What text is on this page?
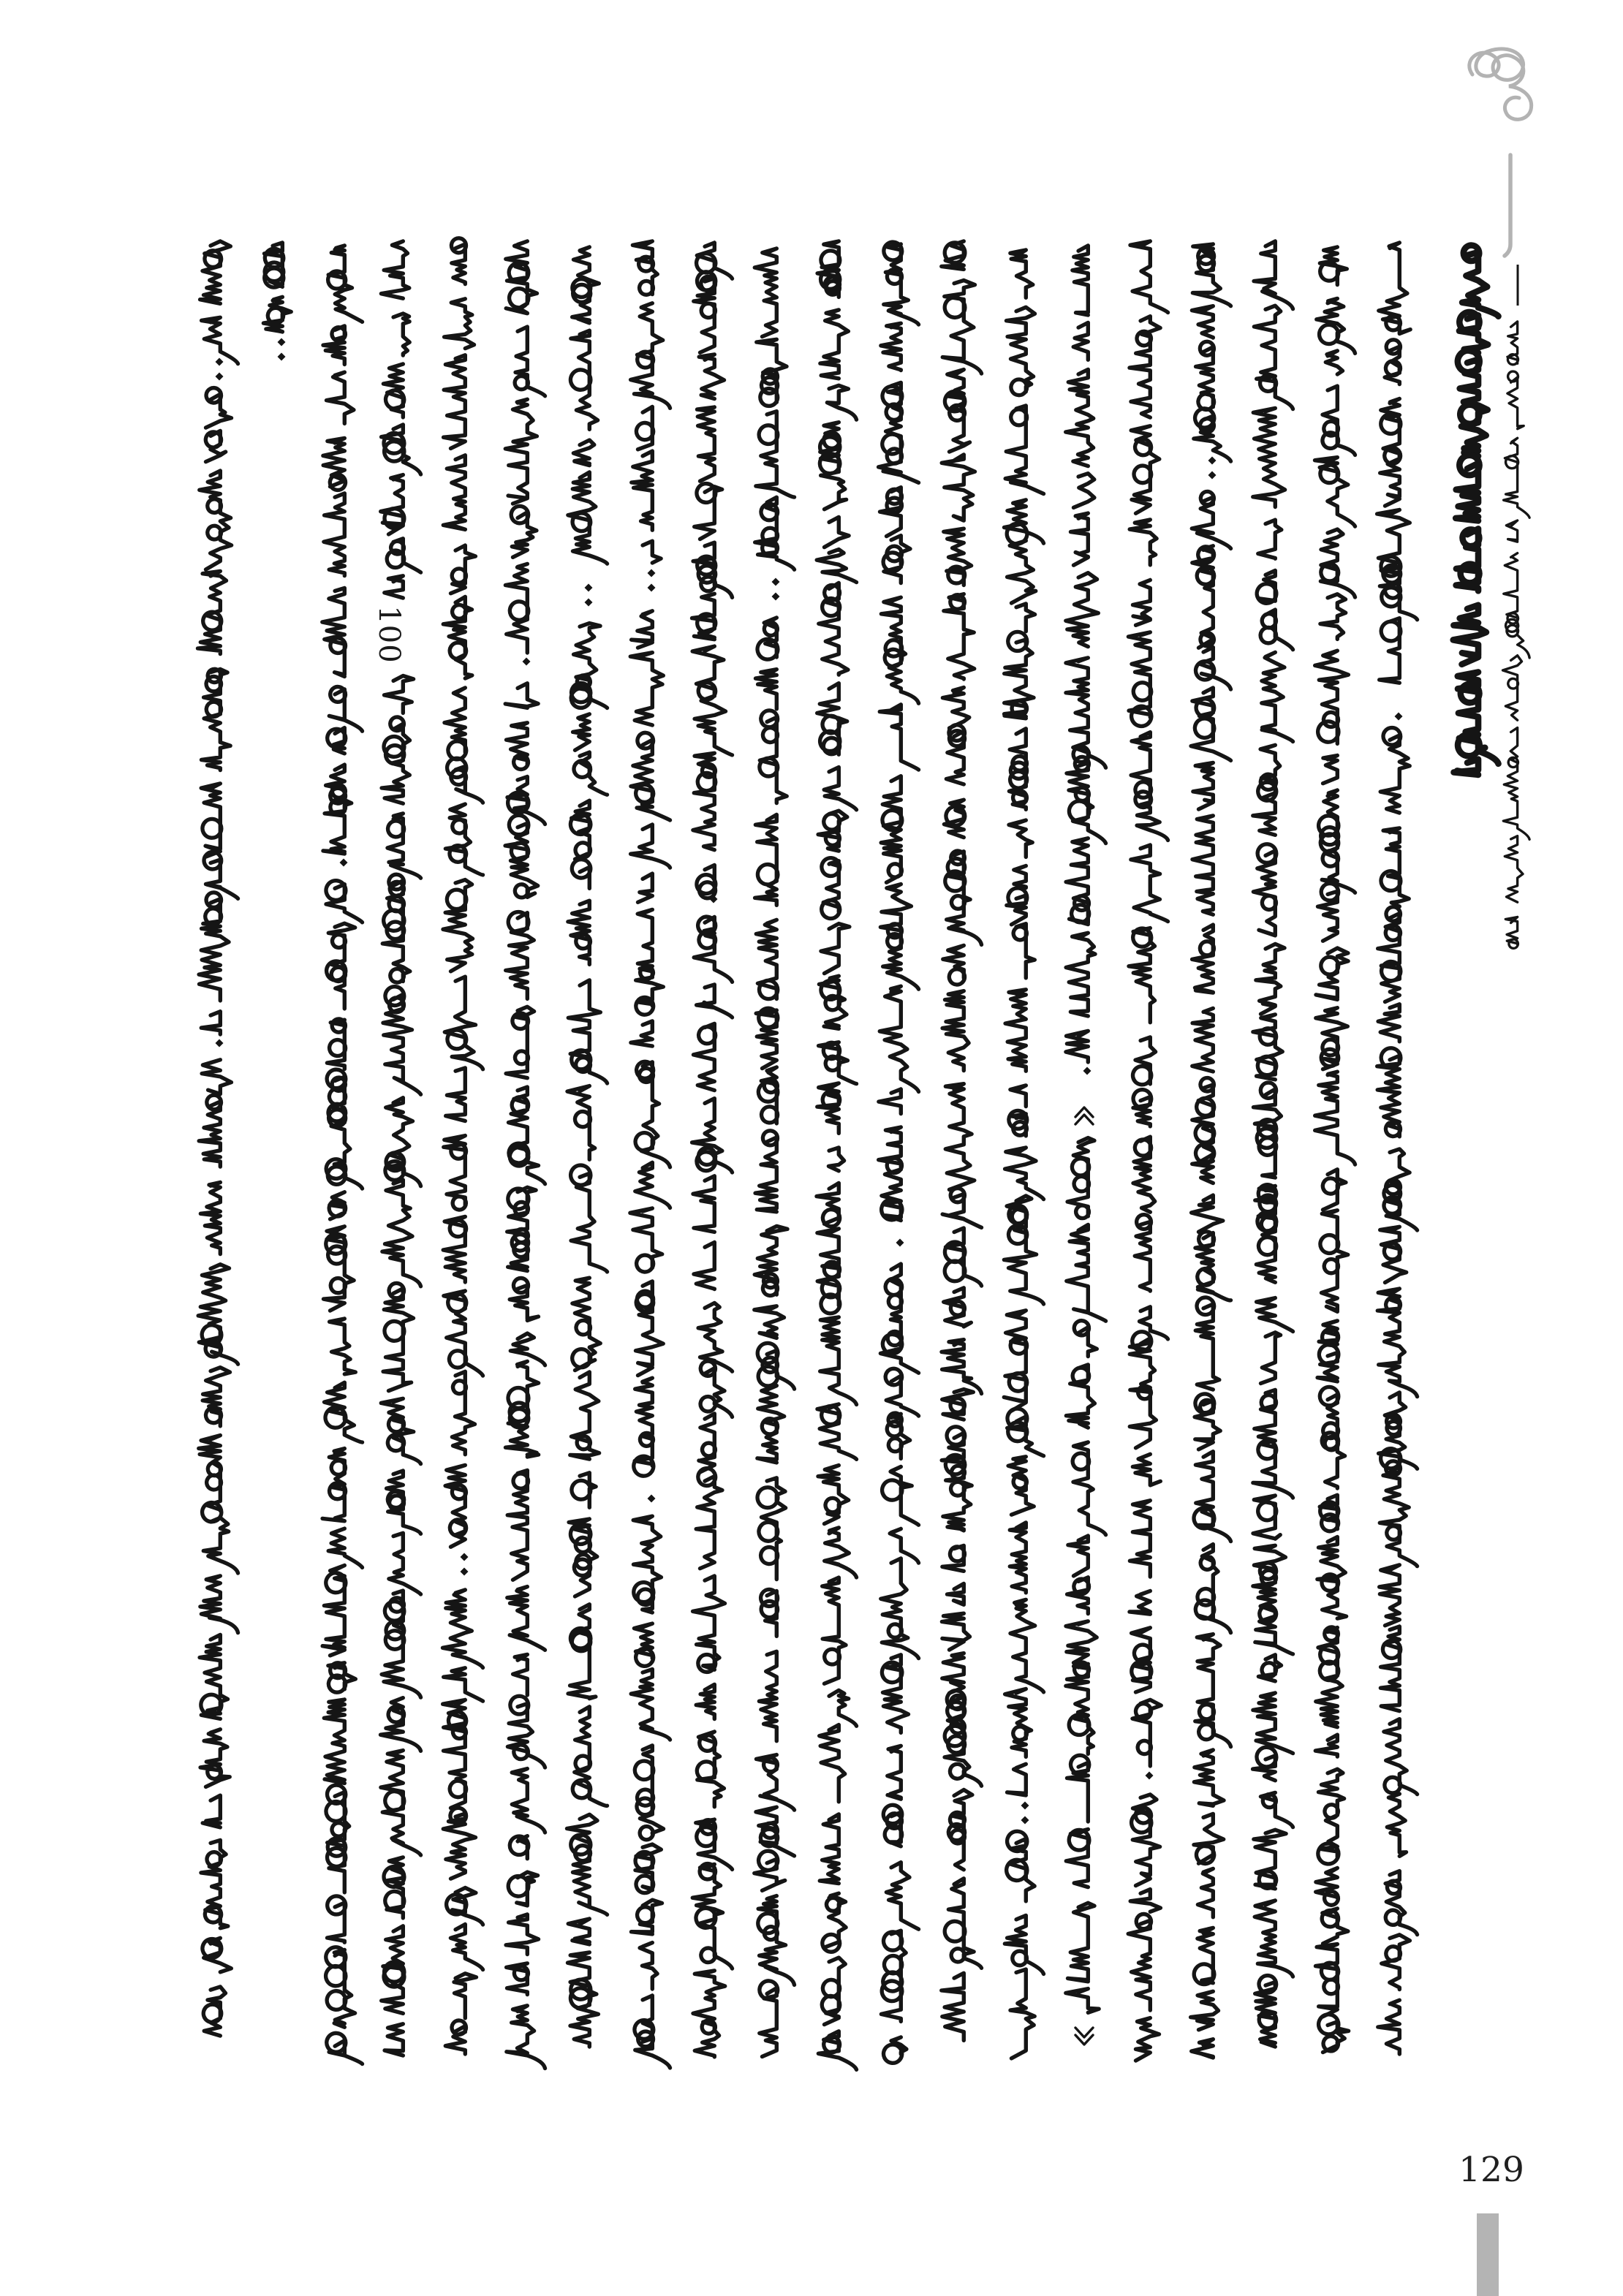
100
129
